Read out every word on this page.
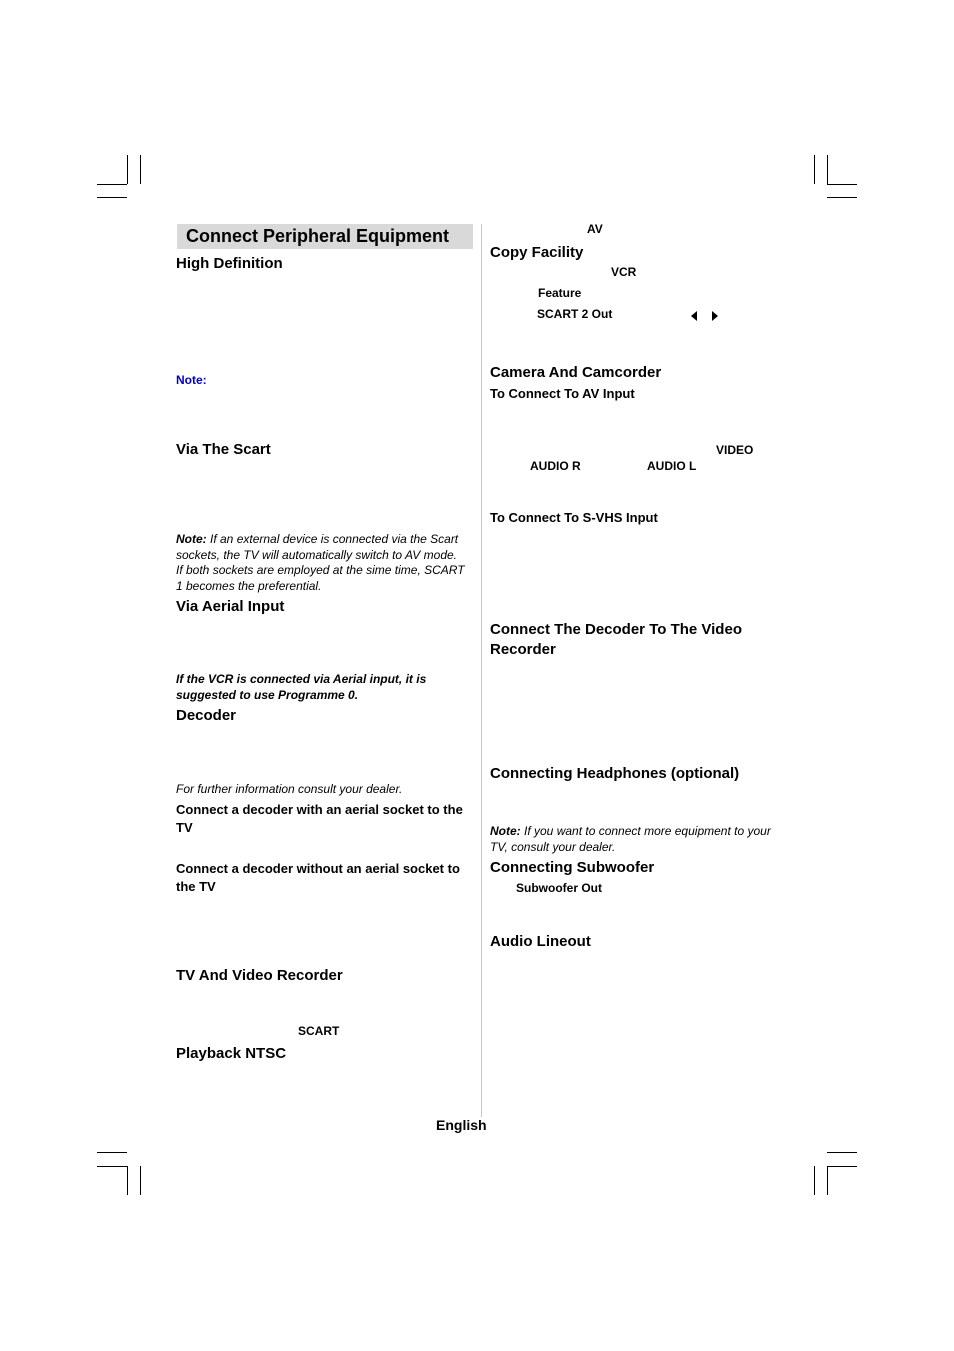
Connect Peripheral Equipment
High Definition
Note:
Via The Scart
Note: If an external device is connected via the Scart sockets, the TV will automatically switch to AV mode.
If both sockets are employed at the sime time, SCART 1 becomes the preferential.
Via Aerial Input
If the VCR is connected via Aerial input, it is suggested to use Programme 0.
Decoder
For further information consult your dealer.
Connect a decoder with an aerial socket to the TV
Connect a decoder without an aerial socket to the TV
TV And Video Recorder
SCART
Playback NTSC
AV
Copy Facility
VCR
Feature
SCART 2 Out
Camera And Camcorder
To Connect To AV Input
VIDEO
AUDIO R	AUDIO L
To Connect To S-VHS Input
Connect The Decoder To The Video Recorder
Connecting Headphones (optional)
Note: If you want to connect more equipment to your TV, consult your dealer.
Connecting Subwoofer
Subwoofer Out
Audio Lineout
English
